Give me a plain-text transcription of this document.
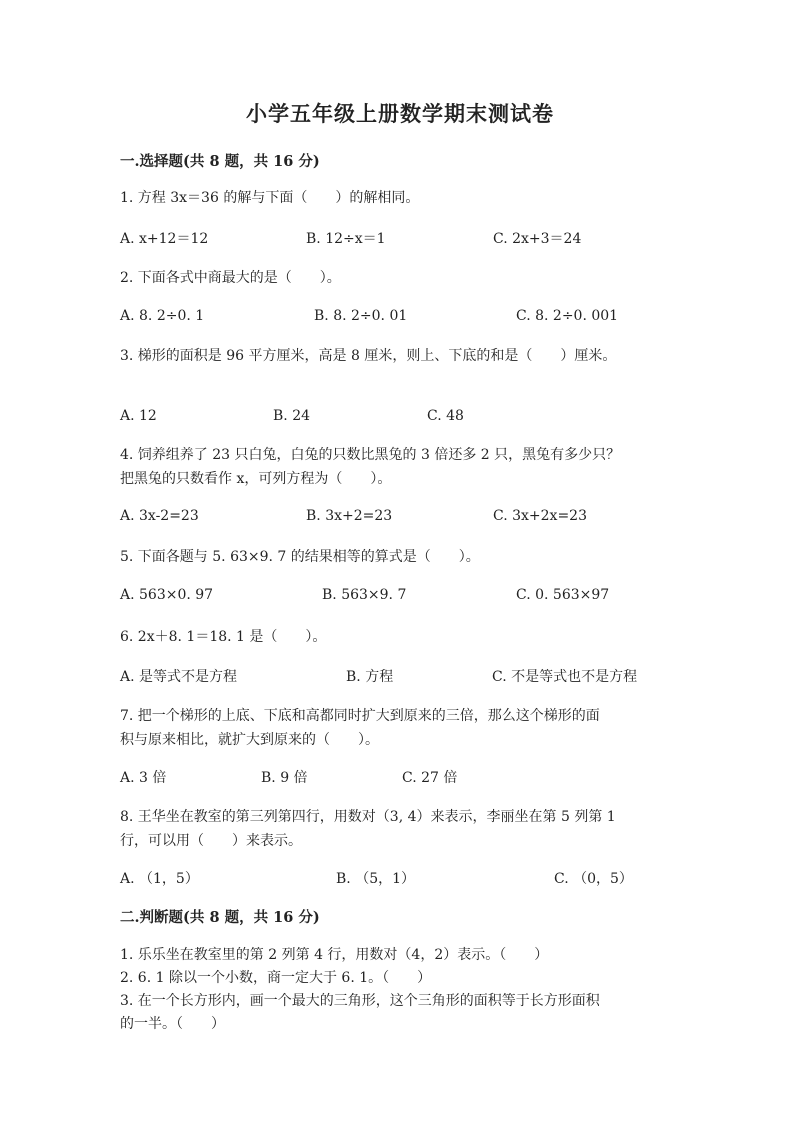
小学五年级上册数学期末测试卷
一.选择题(共 8 题，共 16 分)
1. 方程 3x＝36 的解与下面（　　）的解相同。
A. x+12＝12	B. 12÷x＝1	C. 2x+3＝24
2. 下面各式中商最大的是（　　）。
A. 8. 2÷0. 1	B. 8. 2÷0. 01	C. 8. 2÷0. 001
3. 梯形的面积是 96 平方厘米，高是 8 厘米，则上、下底的和是（　　）厘米。
A. 12	B. 24	C. 48
4. 饲养组养了 23 只白兔，白兔的只数比黑兔的 3 倍还多 2 只，黑兔有多少只？
把黑兔的只数看作 x，可列方程为（　　）。
A. 3x-2=23	B. 3x+2=23	C. 3x+2x=23
5. 下面各题与 5. 63×9. 7 的结果相等的算式是（　　）。
A. 563×0. 97	B. 563×9. 7	C. 0. 563×97
6. 2x＋8. 1＝18. 1 是（　　）。
A. 是等式不是方程	B. 方程	C. 不是等式也不是方程
7. 把一个梯形的上底、下底和高都同时扩大到原来的三倍，那么这个梯形的面
积与原来相比，就扩大到原来的（　　）。
A. 3 倍	B. 9 倍	C. 27 倍
8. 王华坐在教室的第三列第四行，用数对（3, 4）来表示，李丽坐在第 5 列第 1
行，可以用（　　）来表示。
A. （1，5）	B. （5，1）	C. （0，5）
二.判断题(共 8 题，共 16 分)
1. 乐乐坐在教室里的第 2 列第 4 行，用数对（4，2）表示。（　　）
2. 6. 1 除以一个小数，商一定大于 6. 1。（　　）
3. 在一个长方形内，画一个最大的三角形，这个三角形的面积等于长方形面积
的一半。（　　）
